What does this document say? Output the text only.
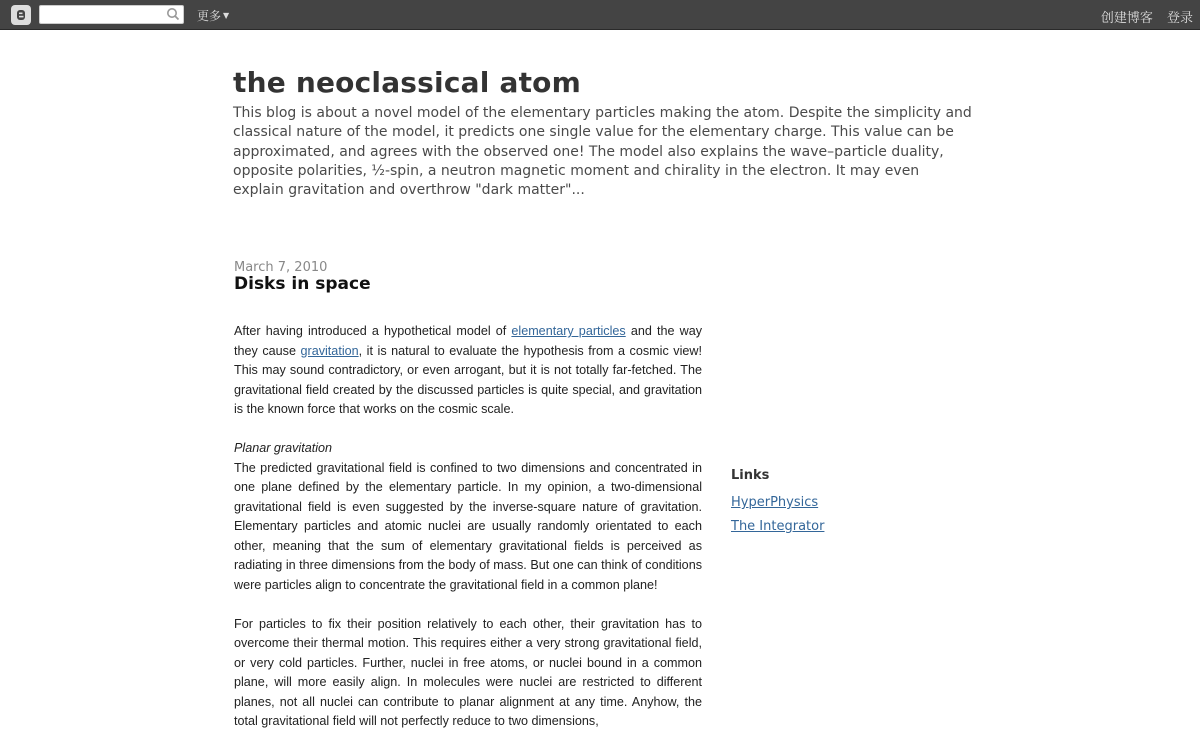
更多 ▼	创建博客 登录
the neoclassical atom

This blog is about a novel model of the elementary particles making the atom. Despite the simplicity and classical nature of the model, it predicts one single value for the elementary charge. This value can be approximated, and agrees with the observed one! The model also explains the wave–particle duality, opposite polarities, ½-spin, a neutron magnetic moment and chirality in the electron. It may even explain gravitation and overthrow "dark matter"...

March 7, 2010
Disks in space

After having introduced a hypothetical model of elementary particles and the way they cause gravitation, it is natural to evaluate the hypothesis from a cosmic view! This may sound contradictory, or even arrogant, but it is not totally far-fetched. The gravitational field created by the discussed particles is quite special, and gravitation is the known force that works on the cosmic scale.

Planar gravitation
The predicted gravitational field is confined to two dimensions and concentrated in one plane defined by the elementary particle. In my opinion, a two-dimensional gravitational field is even suggested by the inverse-square nature of gravitation. Elementary particles and atomic nuclei are usually randomly orientated to each other, meaning that the sum of elementary gravitational fields is perceived as radiating in three dimensions from the body of mass. But one can think of conditions were particles align to concentrate the gravitational field in a common plane!

For particles to fix their position relatively to each other, their gravitation has to overcome their thermal motion. This requires either a very strong gravitational field, or very cold particles. Further, nuclei in free atoms, or nuclei bound in a common plane, will more easily align. In molecules were nuclei are restricted to different planes, not all nuclei can contribute to planar alignment at any time. Anyhow, the total gravitational field will not perfectly reduce to two dimensions,

Links
HyperPhysics
The Integrator
